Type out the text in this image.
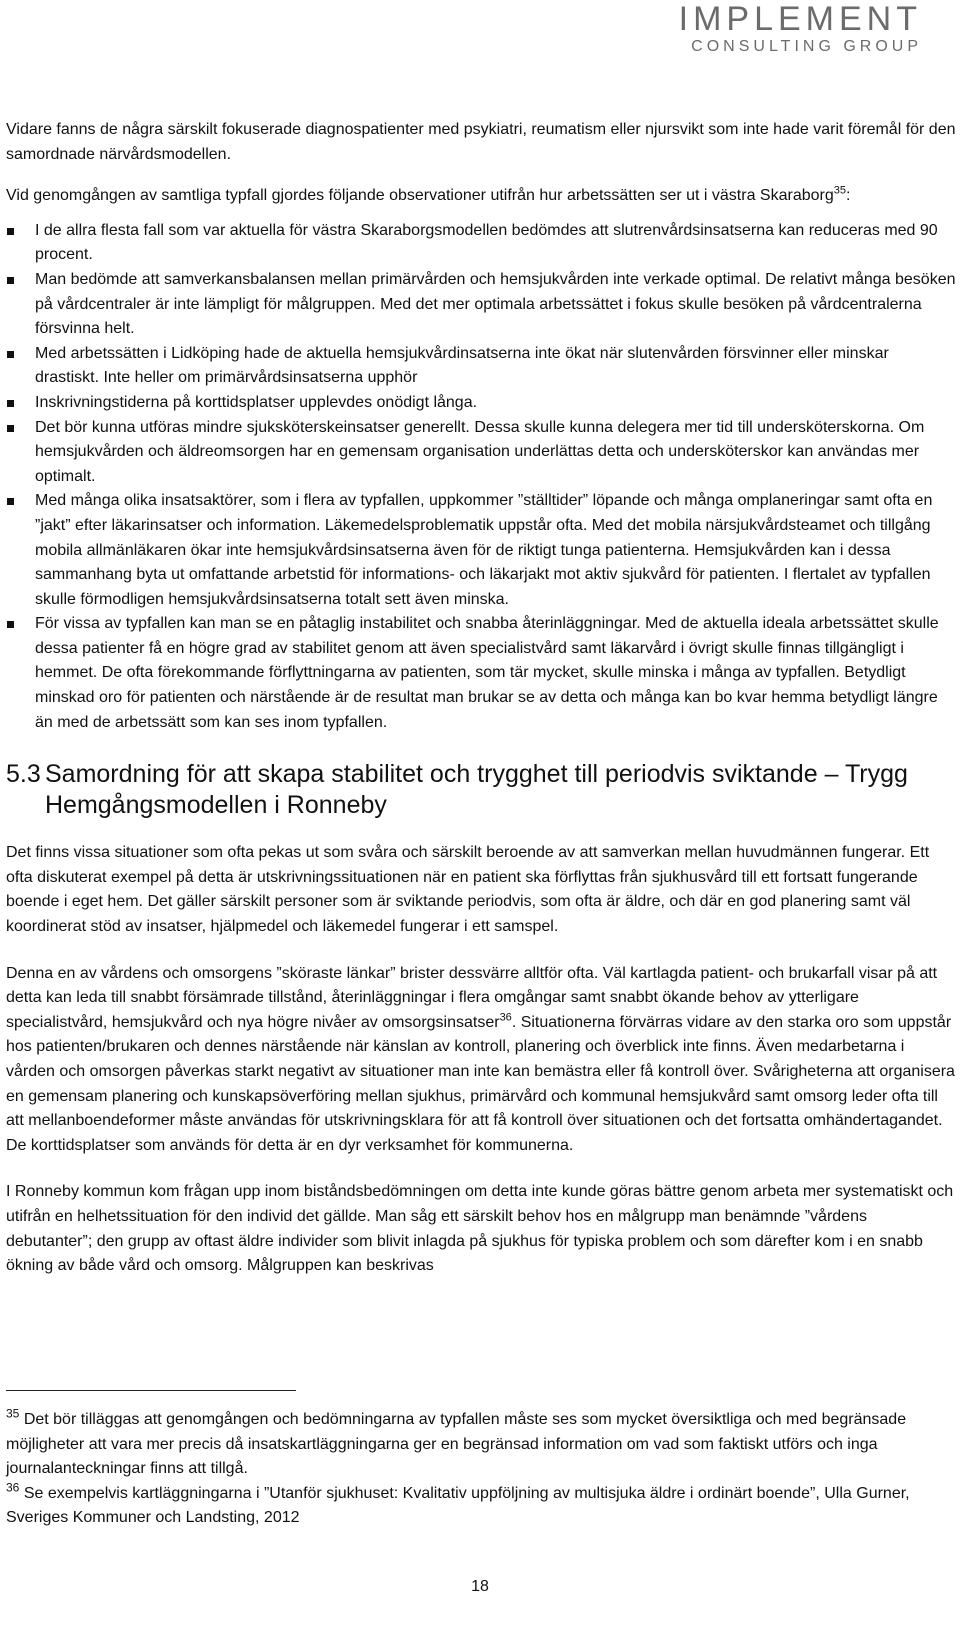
IMPLEMENT
CONSULTING GROUP

Vidare fanns de några särskilt fokuserade diagnospatienter med psykiatri, reumatism eller njursvikt som inte hade varit föremål för den samordnade närvårdsmodellen.

Vid genomgången av samtliga typfall gjordes följande observationer utifrån hur arbetssätten ser ut i västra Skaraborg$^{35}$:

I de allra flesta fall som var aktuella för västra Skaraborgsmodellen bedömdes att slutrenvårdsinsatserna kan reduceras med 90 procent.
Man bedömde att samverkansbalansen mellan primärvården och hemsjukvården inte verkade optimal. De relativt många besöken på vårdcentraler är inte lämpligt för målgruppen. Med det mer optimala arbetssättet i fokus skulle besöken på vårdcentralerna försvinna helt.
Med arbetssätten i Lidköping hade de aktuella hemsjukvårdinsatserna inte ökat när slutenvården försvinner eller minskar drastiskt. Inte heller om primärvårdsinsatserna upphör
Inskrivningstiderna på korttidsplatser upplevdes onödigt långa.
Det bör kunna utföras mindre sjuksköterskeinsatser generellt. Dessa skulle kunna delegera mer tid till undersköterskorna. Om hemsjukvården och äldreomsorgen har en gemensam organisation underlättas detta och undersköterskor kan användas mer optimalt.
Med många olika insatsaktörer, som i flera av typfallen, uppkommer ”ställtider” löpande och många omplaneringar samt ofta en ”jakt” efter läkarinsatser och information. Läkemedelsproblematik uppstår ofta. Med det mobila närsjukvårdsteamet och tillgång mobila allmänläkaren ökar inte hemsjukvårdsinsatserna även för de riktigt tunga patienterna. Hemsjukvården kan i dessa sammanhang byta ut omfattande arbetstid för informations- och läkarjakt mot aktiv sjukvård för patienten. I flertalet av typfallen skulle förmodligen hemsjukvårdsinsatserna totalt sett även minska.
För vissa av typfallen kan man se en påtaglig instabilitet och snabba återinläggningar. Med de aktuella ideala arbetssättet skulle dessa patienter få en högre grad av stabilitet genom att även specialistvård samt läkarvård i övrigt skulle finnas tillgängligt i hemmet. De ofta förekommande förflyttningarna av patienten, som tär mycket, skulle minska i många av typfallen. Betydligt minskad oro för patienten och närstående är de resultat man brukar se av detta och många kan bo kvar hemma betydligt längre än med de arbetssätt som kan ses inom typfallen.
5.3 Samordning för att skapa stabilitet och trygghet till periodvis sviktande – Trygg Hemgångsmodellen i Ronneby

Det finns vissa situationer som ofta pekas ut som svåra och särskilt beroende av att samverkan mellan huvudmännen fungerar. Ett ofta diskuterat exempel på detta är utskrivningssituationen när en patient ska förflyttas från sjukhusvård till ett fortsatt fungerande boende i eget hem. Det gäller särskilt personer som är sviktande periodvis, som ofta är äldre, och där en god planering samt väl koordinerat stöd av insatser, hjälpmedel och läkemedel fungerar i ett samspel.

Denna en av vårdens och omsorgens ”sköraste länkar” brister dessvärre alltför ofta. Väl kartlagda patient- och brukarfall visar på att detta kan leda till snabbt försämrade tillstånd, återinläggningar i flera omgångar samt snabbt ökande behov av ytterligare specialistvård, hemsjukvård och nya högre nivåer av omsorgsinsatser$^{36}$. Situationerna förvärras vidare av den starka oro som uppstår hos patienten/brukaren och dennes närstående när känslan av kontroll, planering och överblick inte finns. Även medarbetarna i vården och omsorgen påverkas starkt negativt av situationer man inte kan bemästra eller få kontroll över. Svårigheterna att organisera en gemensam planering och kunskapsöverföring mellan sjukhus, primärvård och kommunal hemsjukvård samt omsorg leder ofta till att mellanboendeformer måste användas för utskrivningsklara för att få kontroll över situationen och det fortsatta omhändertagandet. De korttidsplatser som används för detta är en dyr verksamhet för kommunerna.

I Ronneby kommun kom frågan upp inom biståndsbedömningen om detta inte kunde göras bättre genom arbeta mer systematiskt och utifrån en helhetssituation för den individ det gällde. Man såg ett särskilt behov hos en målgrupp man benämnde ”vårdens debutanter”; den grupp av oftast äldre individer som blivit inlagda på sjukhus för typiska problem och som därefter kom i en snabb ökning av både vård och omsorg. Målgruppen kan beskrivas

$^{35}$ Det bör tilläggas att genomgången och bedömningarna av typfallen måste ses som mycket översiktliga och med begränsade möjligheter att vara mer precis då insatskartläggningarna ger en begränsad information om vad som faktiskt utförs och inga journalanteckningar finns att tillgå.

$^{36}$ Se exempelvis kartläggningarna i ”Utanför sjukhuset: Kvalitativ uppföljning av multisjuka äldre i ordinärt boende”, Ulla Gurner, Sveriges Kommuner och Landsting, 2012

18
